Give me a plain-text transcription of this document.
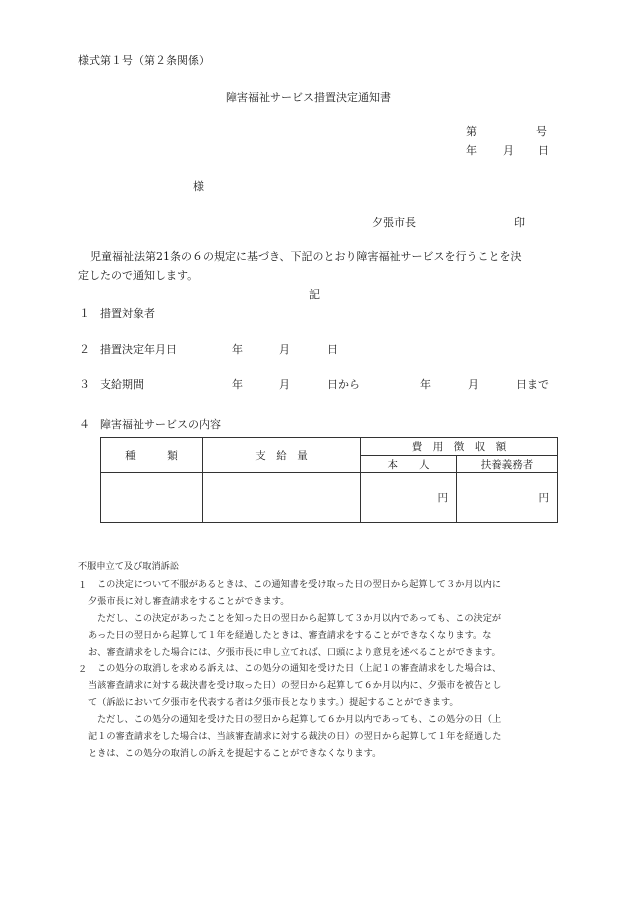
様式第１号（第２条関係）
障害福祉サービス措置決定通知書
第	号
年 月 日
様
夕張市長	印
児童福祉法第21条の６の規定に基づき、下記のとおり障害福祉サービスを行うことを決
定したので通知します。
記
１ 措置対象者
２ 措置決定年月日	年	月	日
３ 支給期間	年	月	日から	年	月	日まで
４ 障害福祉サービスの内容
種　　　類	支　給　量	費　用　徴　収　額	
		本　　人	扶養義務者
		円	円
不服申立て及び取消訴訟
１ この決定について不服があるときは、この通知書を受け取った日の翌日から起算して３か月以内に
夕張市長に対し審査請求をすることができます。
ただし、この決定があったことを知った日の翌日から起算して３か月以内であっても、この決定が
あった日の翌日から起算して１年を経過したときは、審査請求をすることができなくなります。な
お、審査請求をした場合には、夕張市長に申し立てれば、口頭により意見を述べることができます。
２ この処分の取消しを求める訴えは、この処分の通知を受けた日（上記１の審査請求をした場合は、
当該審査請求に対する裁決書を受け取った日）の翌日から起算して６か月以内に、夕張市を被告とし
て（訴訟において夕張市を代表する者は夕張市長となります。）提起することができます。
ただし、この処分の通知を受けた日の翌日から起算して６か月以内であっても、この処分の日（上
記１の審査請求をした場合は、当該審査請求に対する裁決の日）の翌日から起算して１年を経過した
ときは、この処分の取消しの訴えを提起することができなくなります。
